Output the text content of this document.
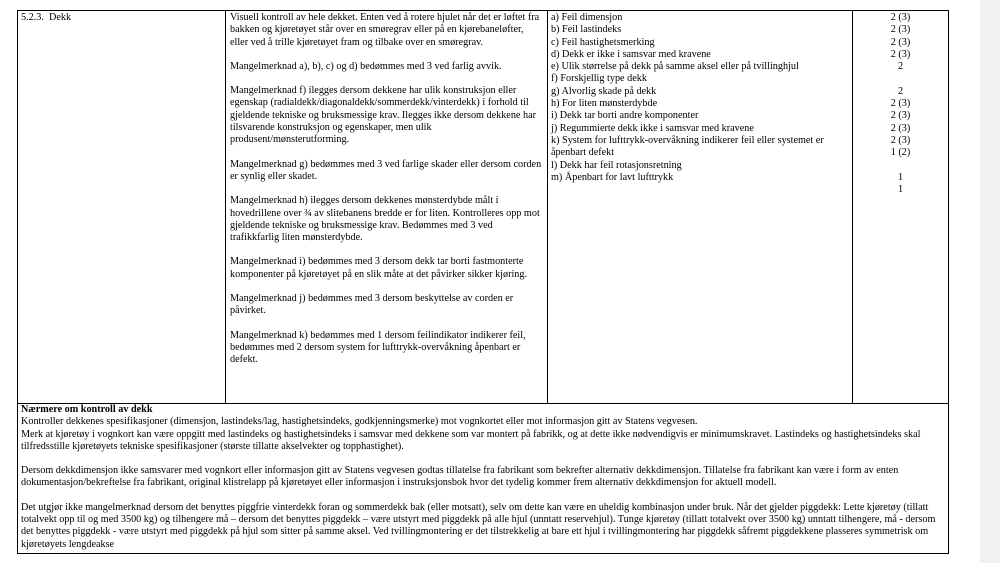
5.2.3. Dekk	Visuell kontroll av hele dekket. Enten ved å rotere hjulet når det er løftet fra bakken og kjøretøyet står over en smøregrav eller på en kjørebaneløfter, eller ved å trille kjøretøyet fram og tilbake over en smøregrav.

Mangelmerknad a), b), c) og d) bedømmes med 3 ved farlig avvik.

Mangelmerknad f) ilegges dersom dekkene har ulik konstruksjon eller egenskap (radialdekk/diagonaldekk/sommerdekk/vinterdekk) i forhold til gjeldende tekniske og bruksmessige krav. Ilegges ikke dersom dekkene har tilsvarende konstruksjon og egenskaper, men ulik produsent/mønsterutforming.

Mangelmerknad g) bedømmes med 3 ved farlige skader eller dersom corden er synlig eller skadet.

Mangelmerknad h) ilegges dersom dekkenes mønsterdybde målt i hovedrillene over ¾ av slitebanens bredde er for liten. Kontrolleres opp mot gjeldende tekniske og bruksmessige krav. Bedømmes med 3 ved trafikkfarlig liten mønsterdybde.

Mangelmerknad i) bedømmes med 3 dersom dekk tar borti fastmonterte komponenter på kjøretøyet på en slik måte at det påvirker sikker kjøring.

Mangelmerknad j) bedømmes med 3 dersom beskyttelse av corden er påvirket.

Mangelmerknad k) bedømmes med 1 dersom feilindikator indikerer feil, bedømmes med 2 dersom system for lufttrykk-overvåkning åpenbart er defekt.

a) Feil dimensjon

b) Feil lastindeks

c) Feil hastighetsmerking

d) Dekk er ikke i samsvar med kravene

e) Ulik størrelse på dekk på samme aksel eller på tvillinghjul

f) Forskjellig type dekk

g) Alvorlig skade på dekk

h) For liten mønsterdybde

i) Dekk tar borti andre komponenter

j) Regummierte dekk ikke i samsvar med kravene

k) System for lufttrykk-overvåkning indikerer feil eller systemet er åpenbart defekt

l) Dekk har feil rotasjonsretning

m) Åpenbart for lavt lufttrykk

2 (3)

2 (3)

2 (3)

2 (3)

2

2

2 (3)

2 (3)

2 (3)

2 (3)

1 (2)

1

1

Nærmere om kontroll av dekk

Kontroller dekkenes spesifikasjoner (dimensjon, lastindeks/lag, hastighetsindeks, godkjenningsmerke) mot vognkortet eller mot informasjon gitt av Statens vegvesen.

Merk at kjøretøy i vognkort kan være oppgitt med lastindeks og hastighetsindeks i samsvar med dekkene som var montert på fabrikk, og at dette ikke nødvendigvis er minimumskravet. Lastindeks og hastighetsindeks skal tilfredsstille kjøretøyets tekniske spesifikasjoner (største tillatte akselvekter og topphastighet).

Dersom dekkdimensjon ikke samsvarer med vognkort eller informasjon gitt av Statens vegvesen godtas tillatelse fra fabrikant som bekrefter alternativ dekkdimensjon. Tillatelse fra fabrikant kan være i form av enten dokumentasjon/bekreftelse fra fabrikant, original klistrelapp på kjøretøyet eller informasjon i instruksjonsbok hvor det tydelig kommer frem alternativ dekkdimensjon for aktuell modell.

Det utgjør ikke mangelmerknad dersom det benyttes piggfrie vinterdekk foran og sommerdekk bak (eller motsatt), selv om dette kan være en uheldig kombinasjon under bruk. Når det gjelder piggdekk: Lette kjøretøy (tillatt totalvekt opp til og med 3500 kg) og tilhengere må – dersom det benyttes piggdekk – være utstyrt med piggdekk på alle hjul (unntatt reservehjul). Tunge kjøretøy (tillatt totalvekt over 3500 kg) unntatt tilhengere, må - dersom det benyttes piggdekk - være utstyrt med piggdekk på hjul som sitter på samme aksel. Ved tvillingmontering er det tilstrekkelig at bare ett hjul i tvillingmontering har piggdekk såfremt piggdekkene plasseres symmetrisk om kjøretøyets lengdeakse
